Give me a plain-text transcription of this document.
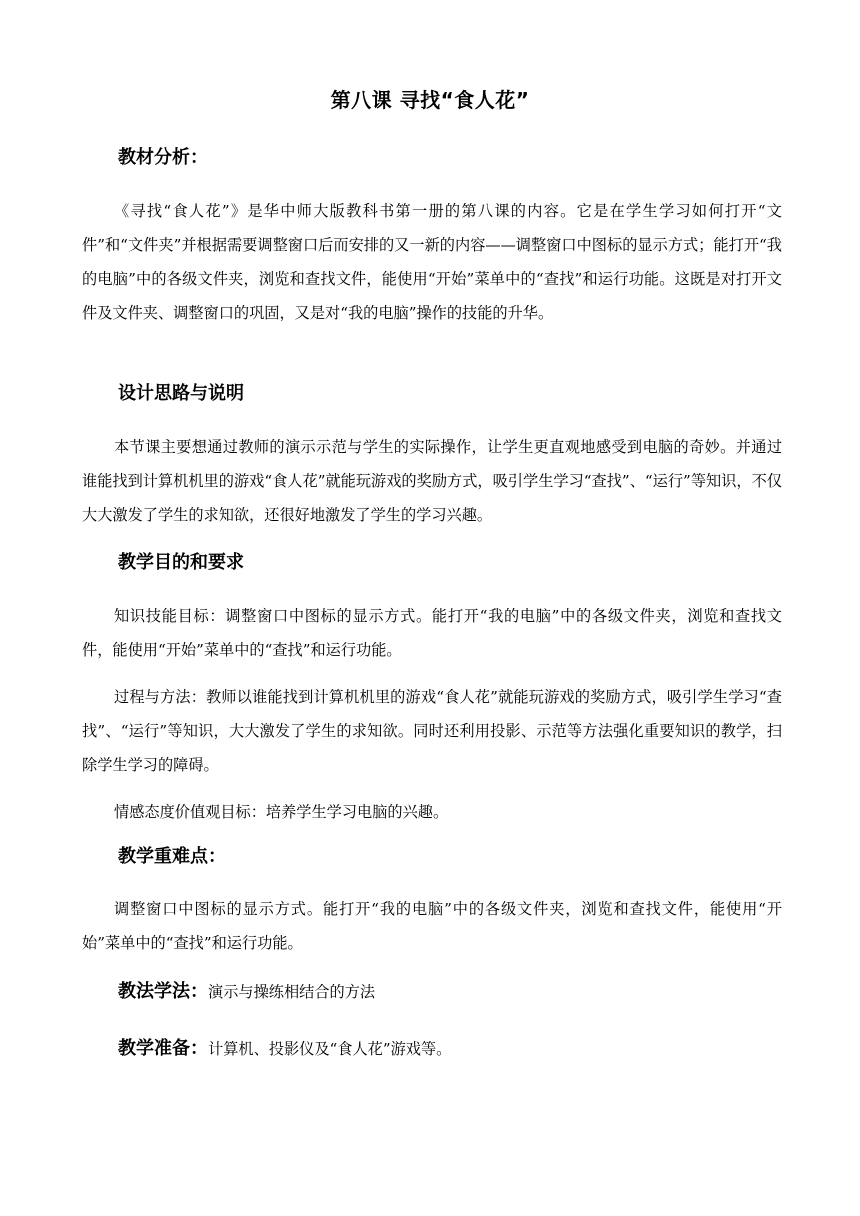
第八课 寻找“食人花”
教材分析：
《寻找“食人花”》是华中师大版教科书第一册的第八课的内容。它是在学生学习如何打开“文件”和“文件夹”并根据需要调整窗口后而安排的又一新的内容——调整窗口中图标的显示方式；能打开“我的电脑”中的各级文件夹，浏览和查找文件，能使用“开始”菜单中的“查找”和运行功能。这既是对打开文件及文件夹、调整窗口的巩固，又是对“我的电脑”操作的技能的升华。
设计思路与说明
本节课主要想通过教师的演示示范与学生的实际操作，让学生更直观地感受到电脑的奇妙。并通过谁能找到计算机机里的游戏“食人花”就能玩游戏的奖励方式，吸引学生学习“查找”、“运行”等知识，不仅大大激发了学生的求知欲，还很好地激发了学生的学习兴趣。
教学目的和要求
知识技能目标：调整窗口中图标的显示方式。能打开“我的电脑”中的各级文件夹，浏览和查找文件，能使用“开始”菜单中的“查找”和运行功能。
过程与方法：教师以谁能找到计算机机里的游戏“食人花”就能玩游戏的奖励方式，吸引学生学习“查找”、“运行”等知识，大大激发了学生的求知欲。同时还利用投影、示范等方法强化重要知识的教学，扫除学生学习的障碍。
情感态度价值观目标：培养学生学习电脑的兴趣。
教学重难点：
调整窗口中图标的显示方式。能打开“我的电脑”中的各级文件夹，浏览和查找文件，能使用“开始”菜单中的“查找”和运行功能。
教法学法：演示与操练相结合的方法
教学准备：计算机、投影仪及“食人花”游戏等。
